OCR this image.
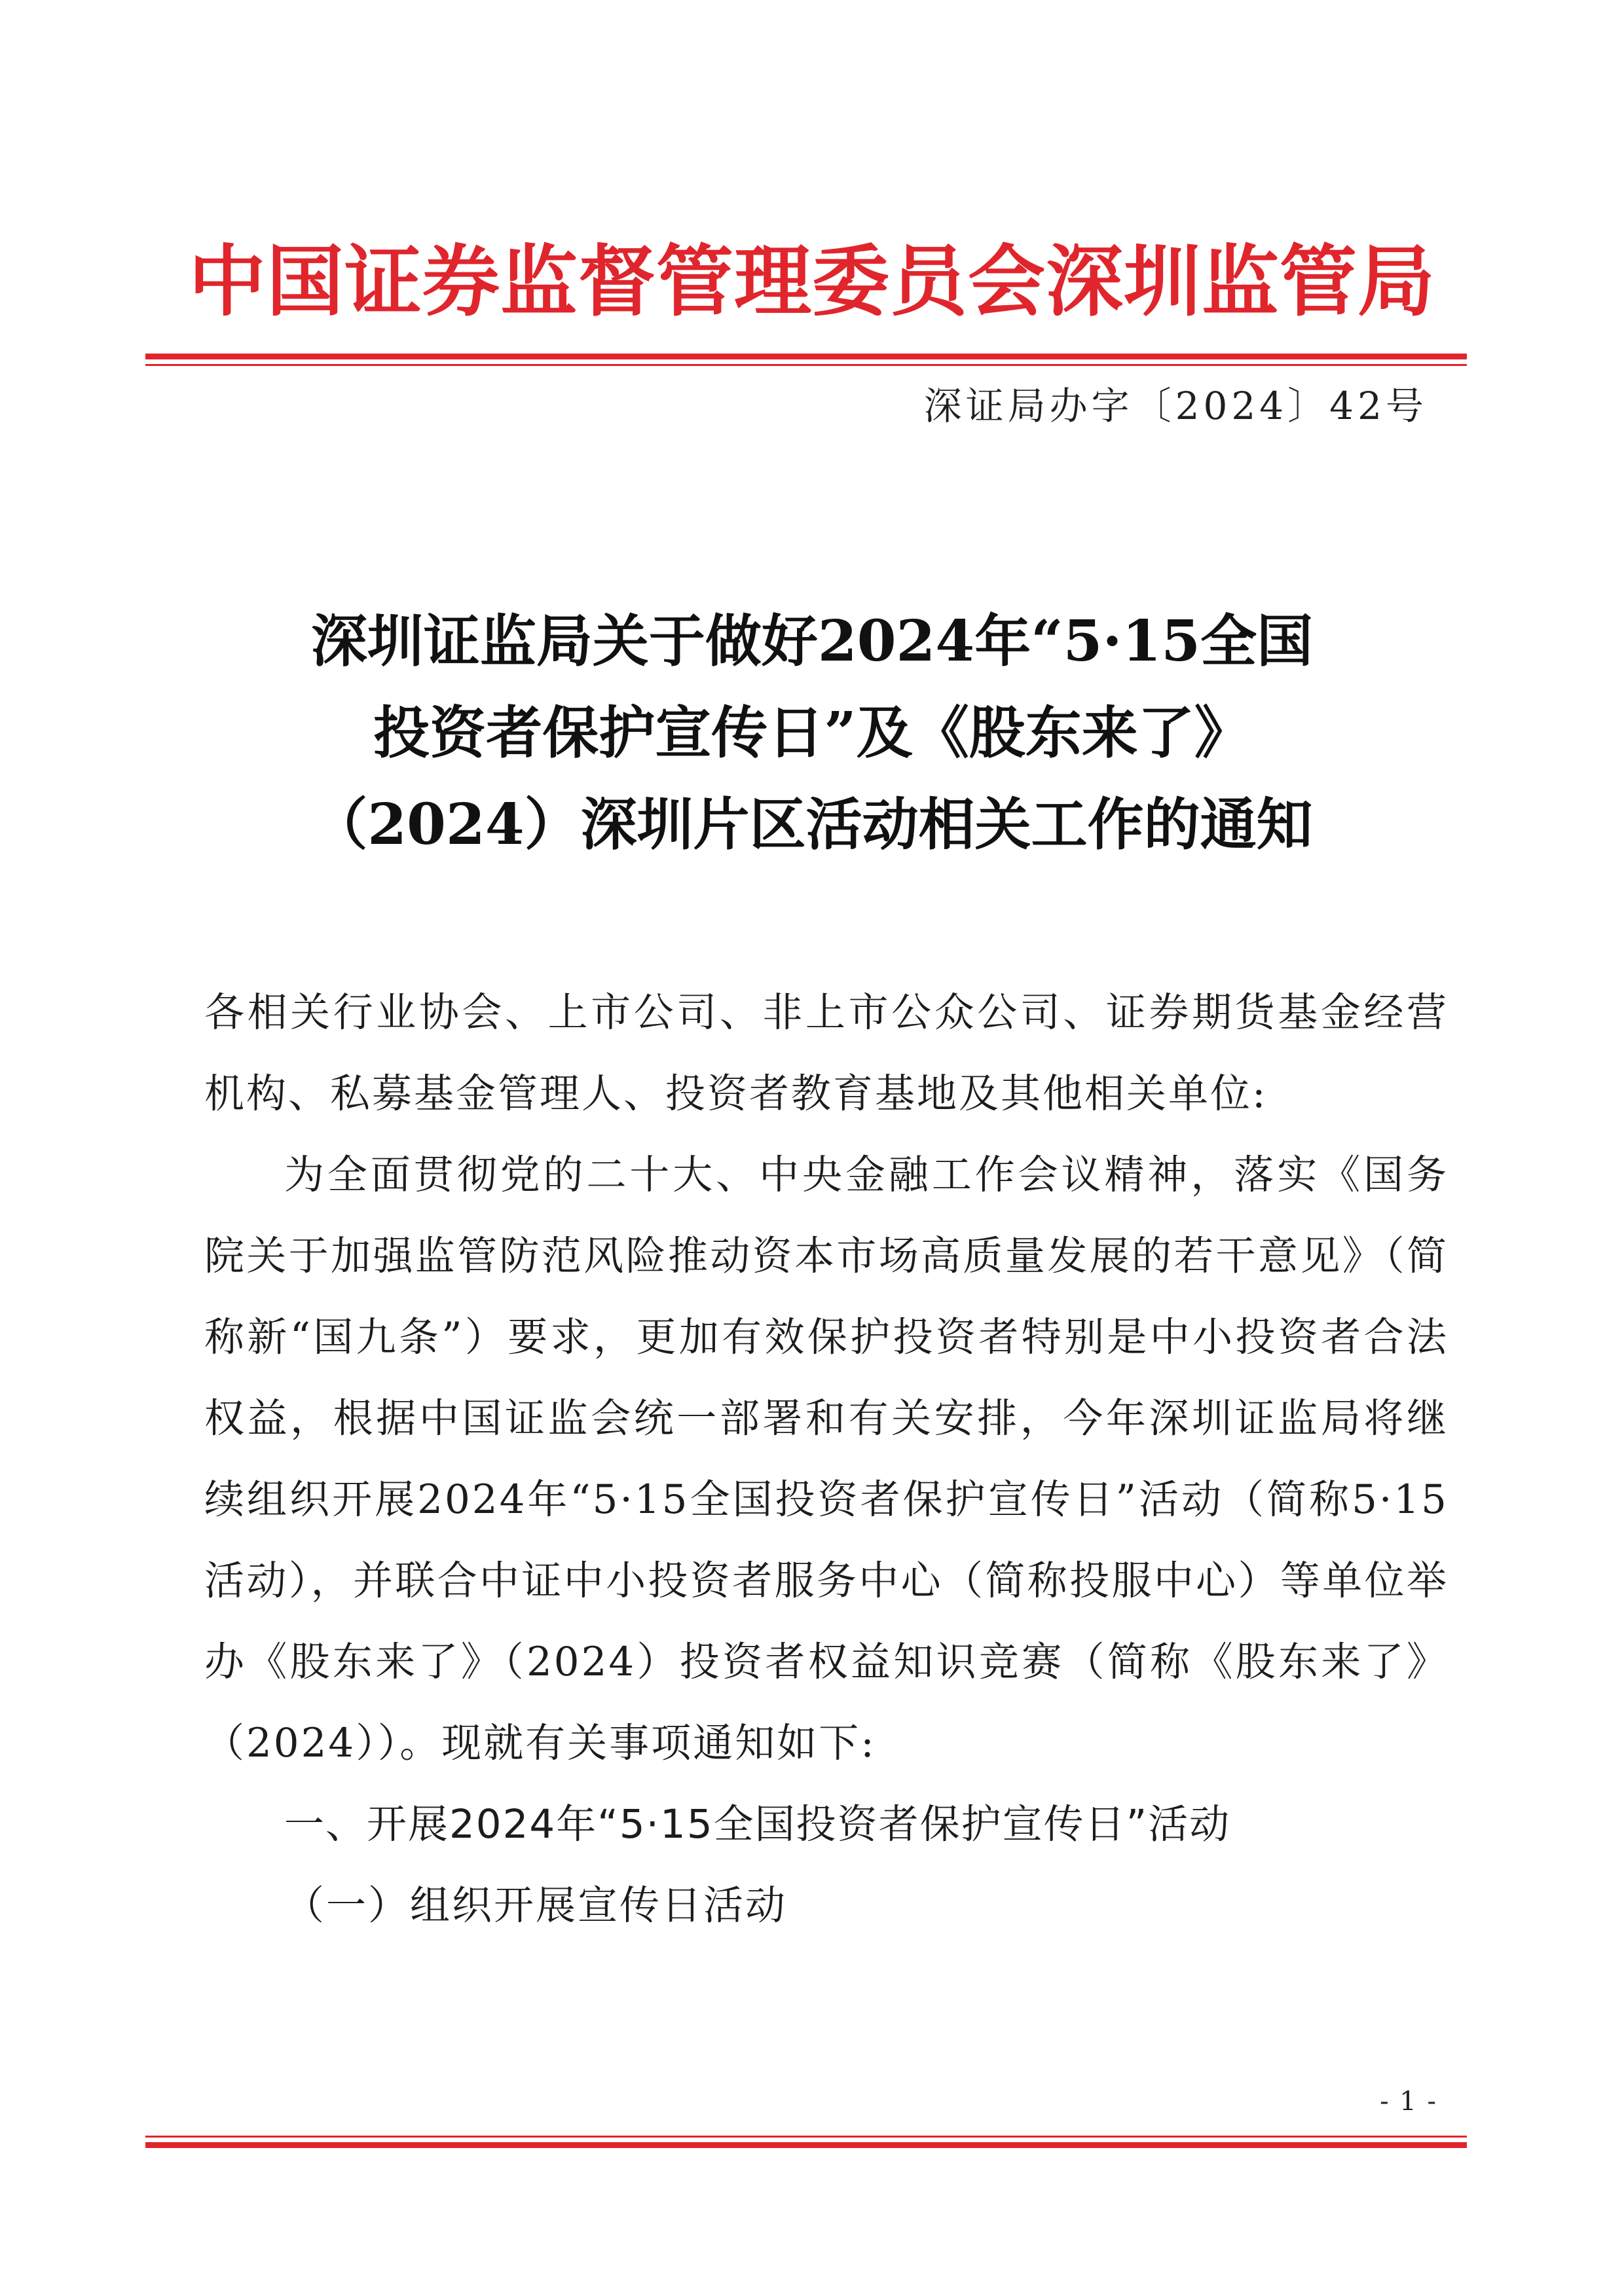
中国证券监督管理委员会深圳监管局
深证局办字〔2024〕42号
深圳证监局关于做好2024年“5·15全国
投资者保护宣传日”及《股东来了》
（2024）深圳片区活动相关工作的通知

各相关行业协会、上市公司、非上市公众公司、证券期货基金经营机构、私募基金管理人、投资者教育基地及其他相关单位:

为全面贯彻党的二十大、中央金融工作会议精神，落实《国务院关于加强监管防范风险推动资本市场高质量发展的若干意见》（简称新“国九条”）要求，更加有效保护投资者特别是中小投资者合法权益，根据中国证监会统一部署和有关安排，今年深圳证监局将继续组织开展2024年“5·15全国投资者保护宣传日”活动（简称5·15活动），并联合中证中小投资者服务中心（简称投服中心）等单位举办《股东来了》（2024）投资者权益知识竞赛（简称《股东来了》（2024））。现就有关事项通知如下:

一、开展2024年“5·15全国投资者保护宣传日”活动

（一）组织开展宣传日活动

- 1 -
